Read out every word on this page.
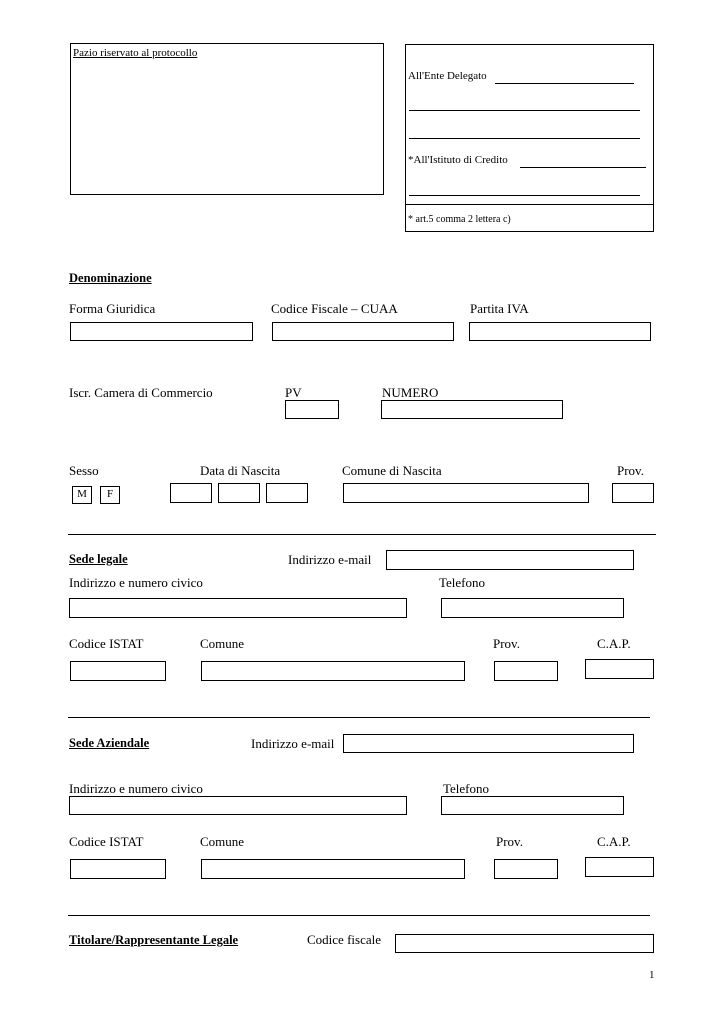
Pazio riservato al protocollo
All'Ente Delegato
*All'Istituto di Credito
* art.5 comma 2 lettera c)
Denominazione
Forma Giuridica	Codice Fiscale – CUAA	Partita IVA
Iscr. Camera di Commercio	PV	NUMERO
Sesso	Data di Nascita	Comune di Nascita	Prov.
M	F
Sede legale	Indirizzo e-mail
Indirizzo e numero civico	Telefono
Codice ISTAT	Comune	Prov.	C.A.P.
Sede Aziendale	Indirizzo e-mail
Indirizzo e numero civico	Telefono
Codice ISTAT	Comune	Prov.	C.A.P.
Titolare/Rappresentante Legale	Codice fiscale
1
